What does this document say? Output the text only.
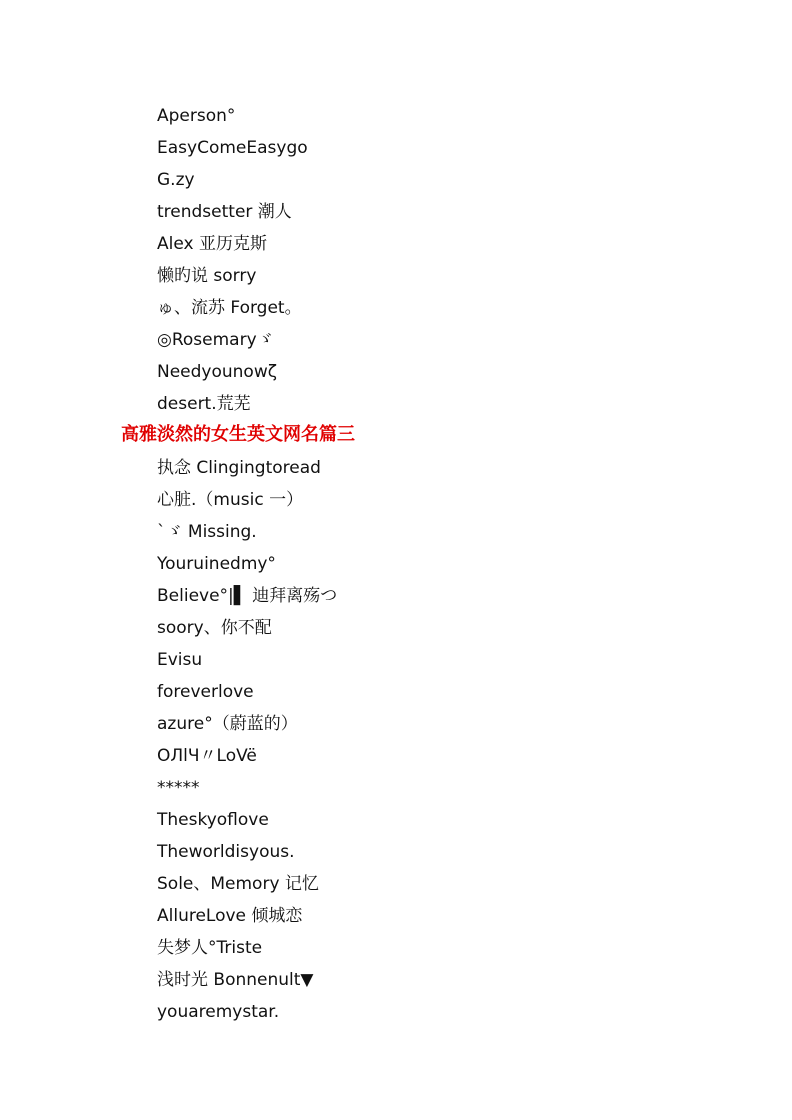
Aperson°
EasyComeEasygo
G.zy
trendsetter 潮人
Alex 亚历克斯
懒旳说 sorry
ゅ、流苏 Forget。
◎Rosemaryゞ
Needyounowζ
desert.荒芜
高雅淡然的女生英文网名篇三
执念 Clingingtoread
心脏.（music 一）
`ゞ Missing.
Youruinedmy°
Believe°|▌ 迪拜离殇つ
soory、你不配
Evisu
foreverlove
azure°（蔚蓝的）
ОЛlЧ〃LoVë
*****
Theskyoflove
Theworldisyous.
Sole、Memory 记忆
AllureLove 倾城恋
失梦人°Triste
浅时光 Bonnenult▼
youaremystar.
